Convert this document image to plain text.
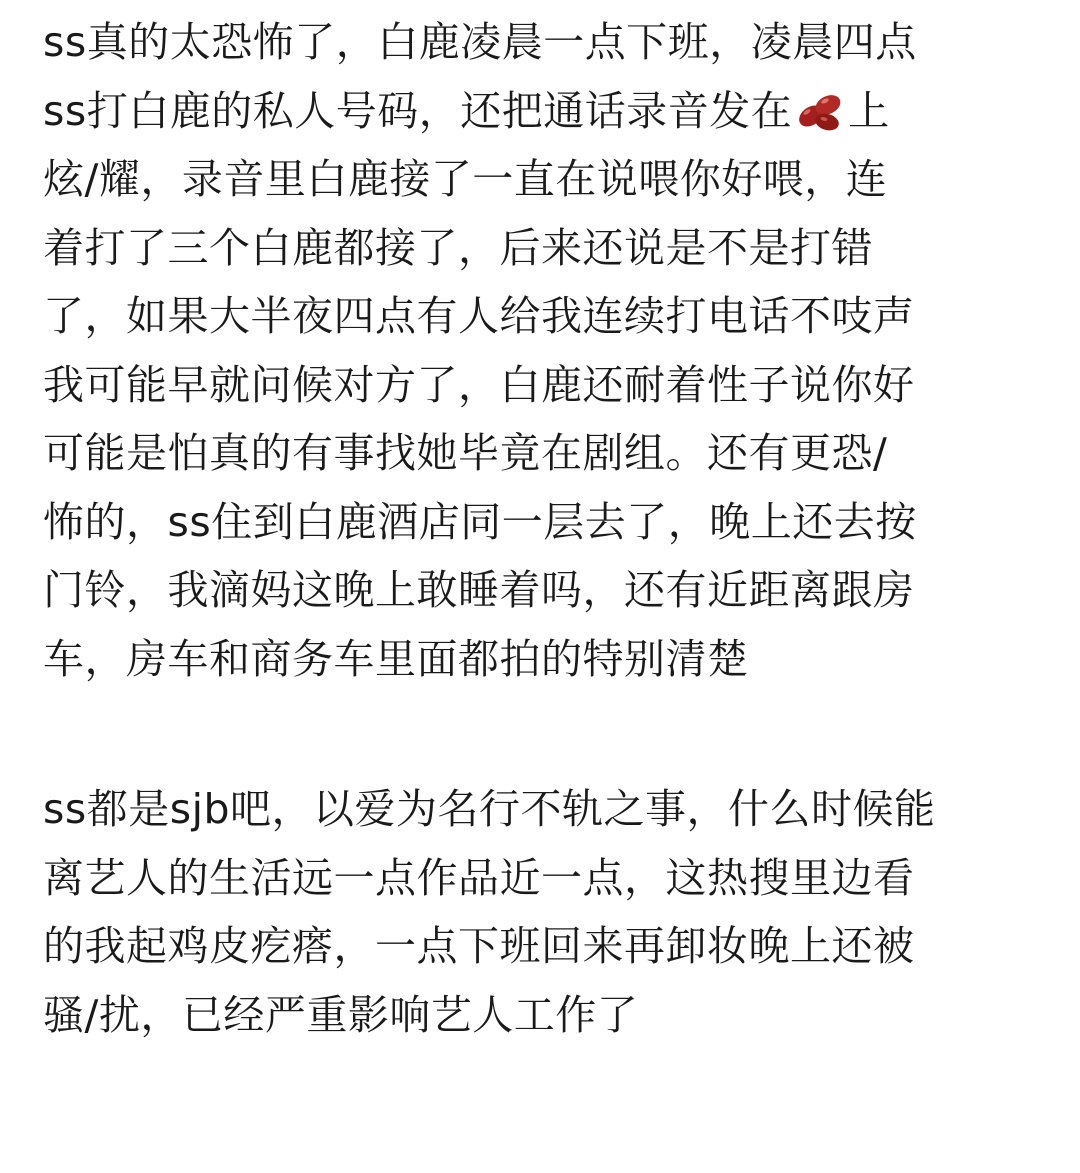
ss真的太恐怖了，白鹿凌晨一点下班，凌晨四点
ss打白鹿的私人号码，还把通话录音发在 上
炫/耀，录音里白鹿接了一直在说喂你好喂，连
着打了三个白鹿都接了，后来还说是不是打错
了，如果大半夜四点有人给我连续打电话不吱声
我可能早就问候对方了，白鹿还耐着性子说你好
可能是怕真的有事找她毕竟在剧组。还有更恐/
怖的，ss住到白鹿酒店同一层去了，晚上还去按
门铃，我滴妈这晚上敢睡着吗，还有近距离跟房
车，房车和商务车里面都拍的特别清楚
ss都是sjb吧，以爱为名行不轨之事，什么时候能
离艺人的生活远一点作品近一点，这热搜里边看
的我起鸡皮疙瘩，一点下班回来再卸妆晚上还被
骚/扰，已经严重影响艺人工作了
